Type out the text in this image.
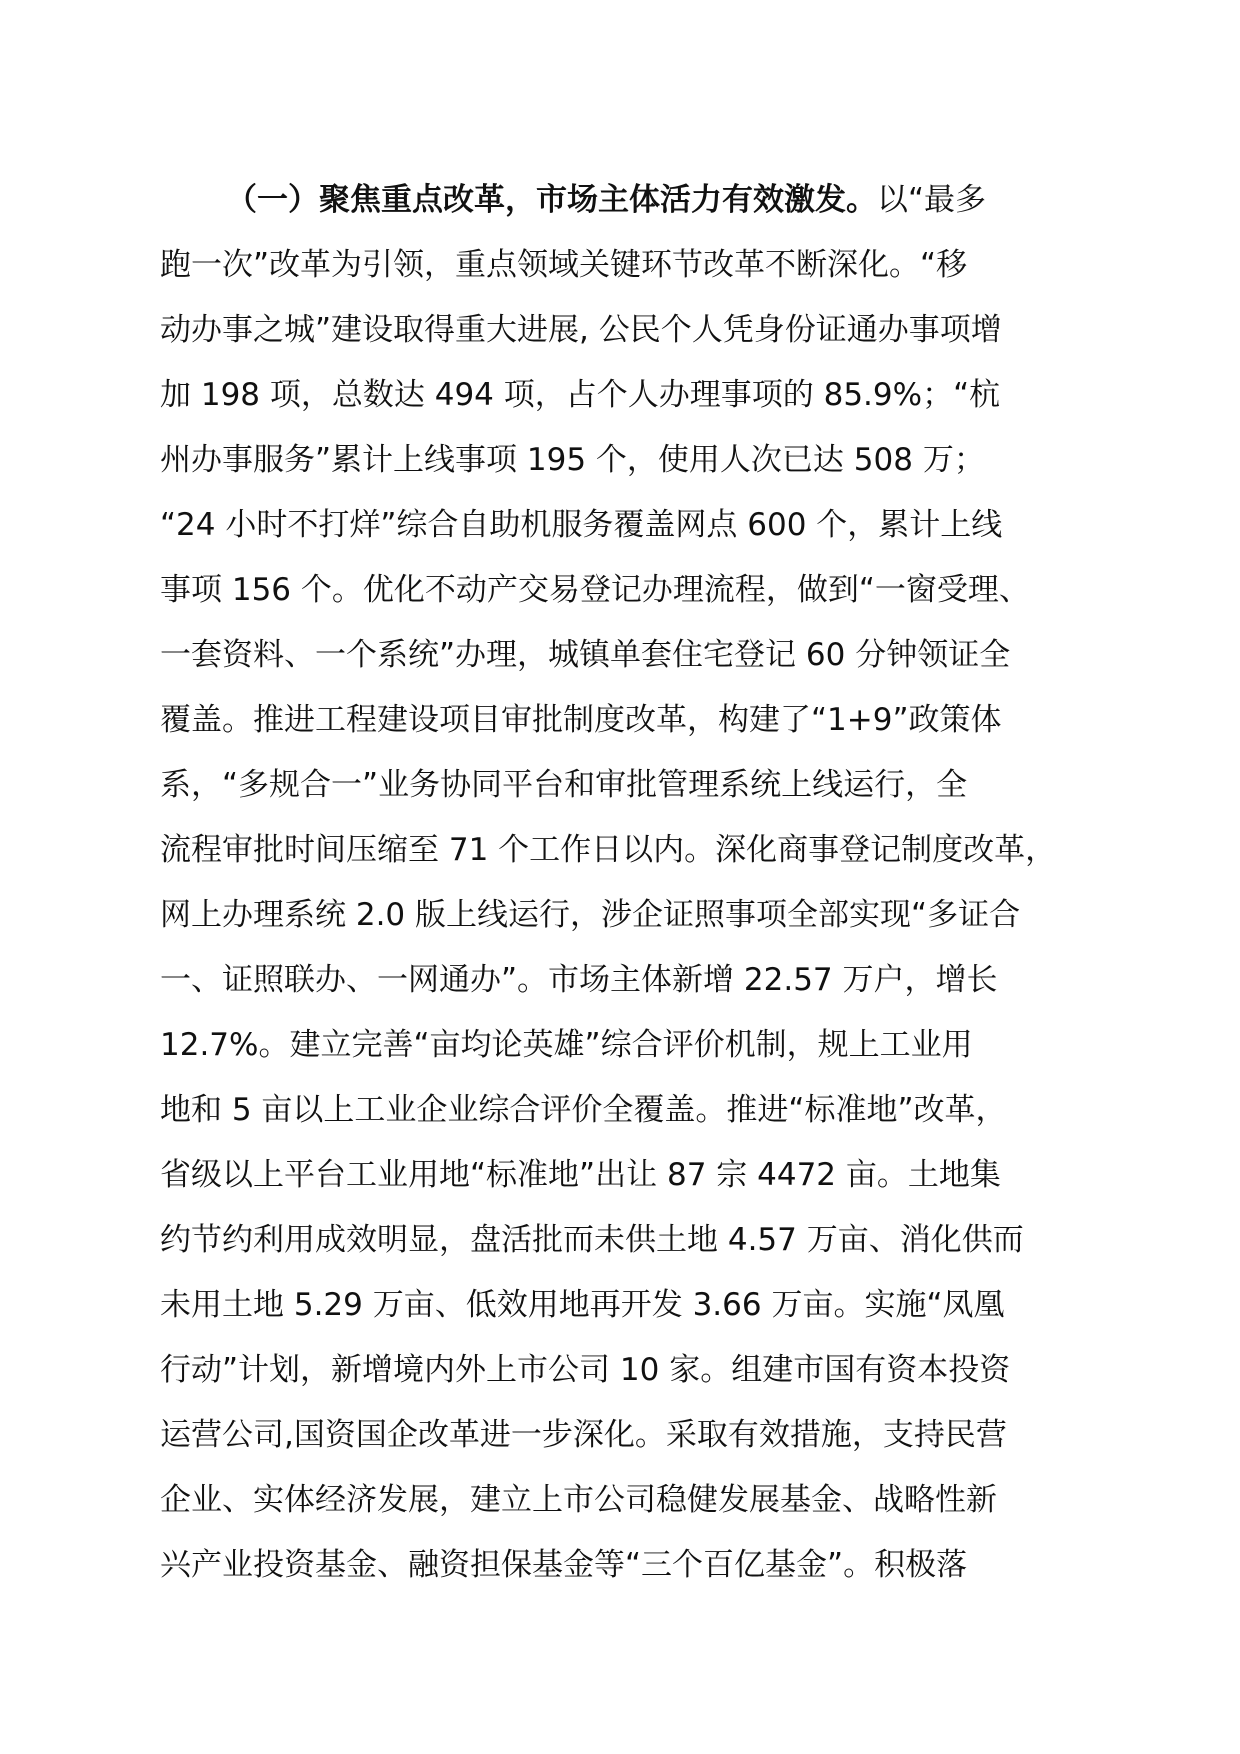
（一）聚焦重点改革，市场主体活力有效激发。以“最多
跑一次”改革为引领，重点领域关键环节改革不断深化。“移
动办事之城”建设取得重大进展, 公民个人凭身份证通办事项增
加 198 项，总数达 494 项，占个人办理事项的 85.9%；“杭
州办事服务”累计上线事项 195 个，使用人次已达 508 万；
“24 小时不打烊”综合自助机服务覆盖网点 600 个，累计上线
事项 156 个。优化不动产交易登记办理流程，做到“一窗受理、
一套资料、一个系统”办理，城镇单套住宅登记 60 分钟领证全
覆盖。推进工程建设项目审批制度改革，构建了“1+9”政策体
系，“多规合一”业务协同平台和审批管理系统上线运行，全
流程审批时间压缩至 71 个工作日以内。深化商事登记制度改革，
网上办理系统 2.0 版上线运行，涉企证照事项全部实现“多证合
一、证照联办、一网通办”。市场主体新增 22.57 万户，增长
12.7%。建立完善“亩均论英雄”综合评价机制，规上工业用
地和 5 亩以上工业企业综合评价全覆盖。推进“标准地”改革，
省级以上平台工业用地“标准地”出让 87 宗 4472 亩。土地集
约节约利用成效明显，盘活批而未供土地 4.57 万亩、消化供而
未用土地 5.29 万亩、低效用地再开发 3.66 万亩。实施“凤凰
行动”计划，新增境内外上市公司 10 家。组建市国有资本投资
运营公司,国资国企改革进一步深化。采取有效措施，支持民营
企业、实体经济发展，建立上市公司稳健发展基金、战略性新
兴产业投资基金、融资担保基金等“三个百亿基金”。积极落
